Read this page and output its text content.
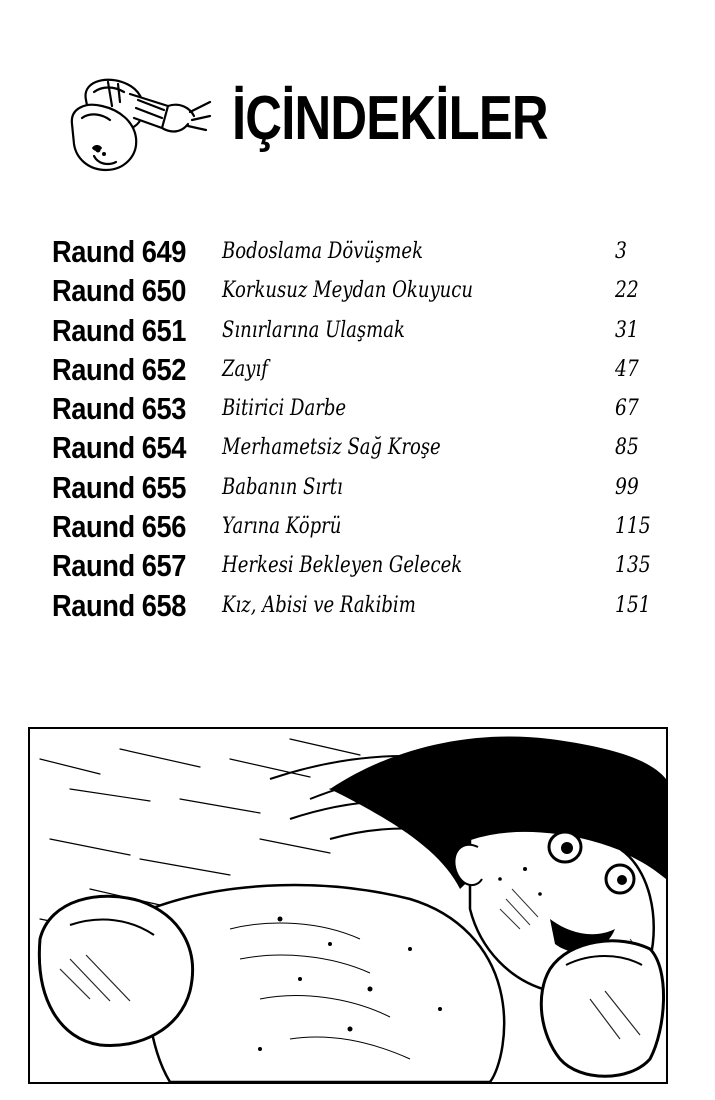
İÇİNDEKİLER
Raund 649 Bodoslama Dövüşmek	3
Raund 650 Korkusuz Meydan Okuyucu	22
Raund 651 Sınırlarına Ulaşmak	31
Raund 652 Zayıf	47
Raund 653 Bitirici Darbe	67
Raund 654 Merhametsiz Sağ Kroşe	85
Raund 655 Babanın Sırtı	99
Raund 656 Yarına Köprü	115
Raund 657 Herkesi Bekleyen Gelecek	135
Raund 658 Kız, Abisi ve Rakibim	151
